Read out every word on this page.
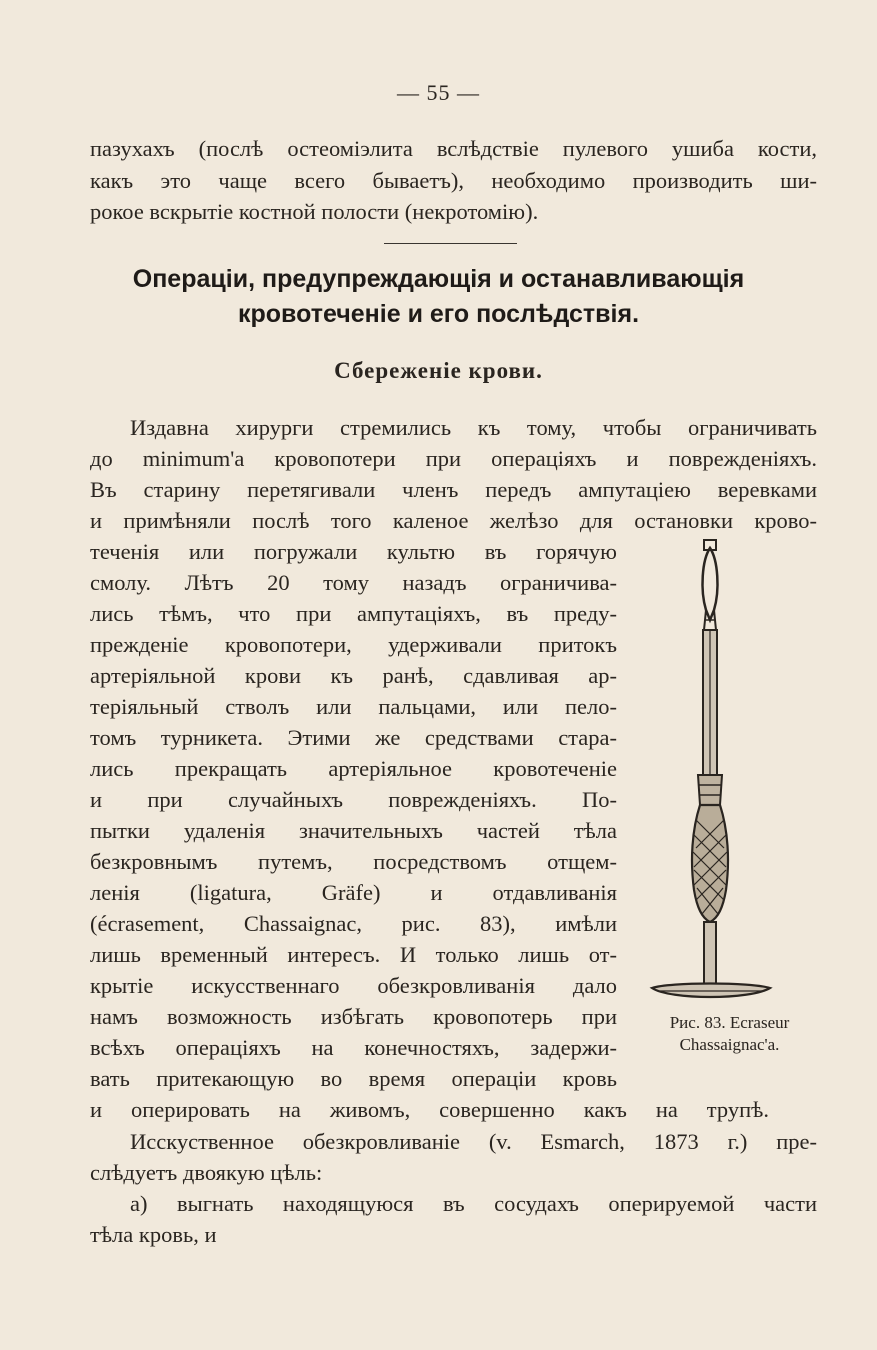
— 55 —
пазухахъ (послѣ остеоміэлита вслѣдствіе пулевого ушиба кости,
какъ это чаще всего бываетъ), необходимо производить ши-
рокое вскрытіе костной полости (некротомію).
Операціи, предупреждающія и останавливающія
кровотеченіе и его послѣдствія.
Сбереженіе крови.
Издавна хирурги стремились къ тому, чтобы ограничивать
до minimum'a кровопотери при операціяхъ и поврежденіяхъ.
Въ старину перетягивали членъ передъ ампутаціею веревками
и примѣняли послѣ того каленое желѣзо для остановки крово-
теченія или погружали культю въ горячую
смолу. Лѣтъ 20 тому назадъ ограничива-
лись тѣмъ, что при ампутаціяхъ, въ преду-
прежденіе кровопотери, удерживали притокъ
артеріяльной крови къ ранѣ, сдавливая ар-
теріяльный стволъ или пальцами, или пело-
томъ турникета. Этими же средствами стара-
лись прекращать артеріяльное кровотеченіе
и при случайныхъ поврежденіяхъ. По-
пытки удаленія значительныхъ частей тѣла
безкровнымъ путемъ, посредствомъ отщем-
ленія (ligatura, Gräfe) и отдавливанія
(écrasement, Chassaignac, рис. 83), имѣли
лишь временный интересъ. И только лишь от-
крытіе искусственнаго обезкровливанія дало
намъ возможность избѣгать кровопотерь при
всѣхъ операціяхъ на конечностяхъ, задержи-
вать притекающую во время операціи кровь
и оперировать на живомъ, совершенно какъ на трупѣ.
Рис. 83. Ecraseur
Chassaignac'a.
Исскуственное обезкровливаніе (v. Esmarch, 1873 г.) пре-
слѣдуетъ двоякую цѣль:
а) выгнать находящуюся въ сосудахъ оперируемой части
тѣла кровь, и
